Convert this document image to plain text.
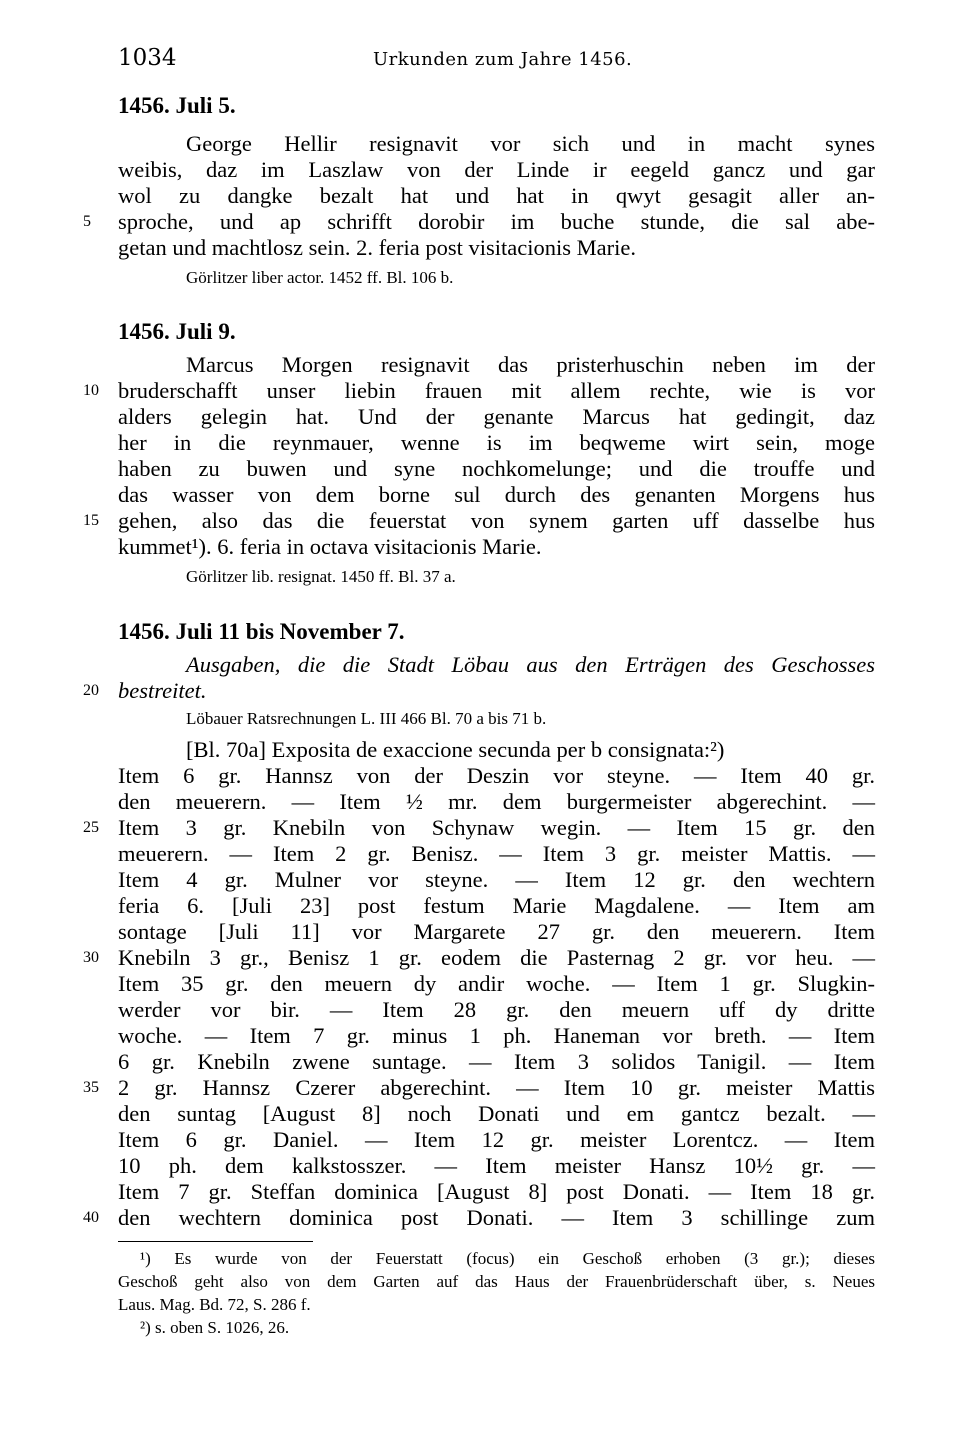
1034	Urkunden zum Jahre 1456.
1456. Juli 5.
George Hellir resignavit vor sich und in macht synes
weibis, daz im Laszlaw von der Linde ir eegeld gancz und gar
wol zu dangke bezalt hat und hat in qwyt gesagit aller an-
sproche, und ap schrifft dorobir im buche stunde, die sal abe-
getan und machtlosz sein. 2. feria post visitacionis Marie.
Görlitzer liber actor. 1452 ff. Bl. 106 b.
1456. Juli 9.
Marcus Morgen resignavit das pristerhuschin neben im der
bruderschafft unser liebin frauen mit allem rechte, wie is vor
alders gelegin hat. Und der genante Marcus hat gedingit, daz
her in die reynmauer, wenne is im beqweme wirt sein, moge
haben zu buwen und syne nochkomelunge; und die trouffe und
das wasser von dem borne sul durch des genanten Morgens hus
gehen, also das die feuerstat von synem garten uff dasselbe hus
kummet¹). 6. feria in octava visitacionis Marie.
Görlitzer lib. resignat. 1450 ff. Bl. 37 a.
1456. Juli 11 bis November 7.
Ausgaben, die die Stadt Löbau aus den Erträgen des Geschosses
bestreitet.
Löbauer Ratsrechnungen L. III 466 Bl. 70 a bis 71 b.
[Bl. 70a] Exposita de exaccione secunda per b consignata:²)
Item 6 gr. Hannsz von der Deszin vor steyne. — Item 40 gr.
den meuerern. — Item ½ mr. dem burgermeister abgerechint. —
Item 3 gr. Knebiln von Schynaw wegin. — Item 15 gr. den
meuerern. — Item 2 gr. Benisz. — Item 3 gr. meister Mattis. —
Item 4 gr. Mulner vor steyne. — Item 12 gr. den wechtern
feria 6. [Juli 23] post festum Marie Magdalene. — Item am
sontage [Juli 11] vor Margarete 27 gr. den meuerern. Item
Knebiln 3 gr., Benisz 1 gr. eodem die Pasternag 2 gr. vor heu. —
Item 35 gr. den meuern dy andir woche. — Item 1 gr. Slugkin-
werder vor bir. — Item 28 gr. den meuern uff dy dritte
woche. — Item 7 gr. minus 1 ph. Haneman vor breth. — Item
6 gr. Knebiln zwene suntage. — Item 3 solidos Tanigil. — Item
2 gr. Hannsz Czerer abgerechint. — Item 10 gr. meister Mattis
den suntag [August 8] noch Donati und em gantcz bezalt. —
Item 6 gr. Daniel. — Item 12 gr. meister Lorentcz. — Item
10 ph. dem kalkstosszer. — Item meister Hansz 10½ gr. —
Item 7 gr. Steffan dominica [August 8] post Donati. — Item 18 gr.
den wechtern dominica post Donati. — Item 3 schillinge zum
5
10
15
20
25
30
35
40
¹) Es wurde von der Feuerstatt (focus) ein Geschoß erhoben (3 gr.); dieses
Geschoß geht also von dem Garten auf das Haus der Frauenbrüderschaft über, s. Neues
Laus. Mag. Bd. 72, S. 286 f.
²) s. oben S. 1026, 26.
